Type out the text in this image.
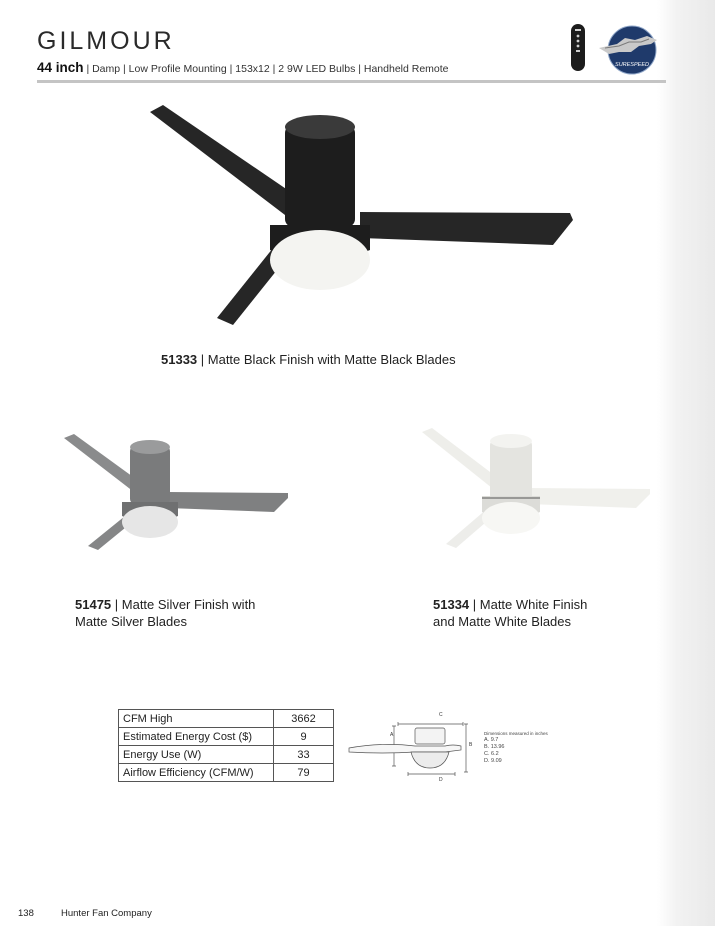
GILMOUR
44 inch | Damp | Low Profile Mounting | 153x12 | 2 9W LED Bulbs | Handheld Remote	SURESPEED
51333 | Matte Black Finish with Matte Black Blades
51475 | Matte Silver Finish with
Matte Silver Blades
51334 | Matte White Finish
and Matte White Blades
CFM High	3662
Estimated Energy Cost ($)	9
Energy Use (W)	33
Airflow Efficiency (CFM/W)	79
C
A
B
D
Dimensions measured in inches
A. 9.7
B. 13.96
C. 6.2
D. 9.09
138	Hunter Fan Company
